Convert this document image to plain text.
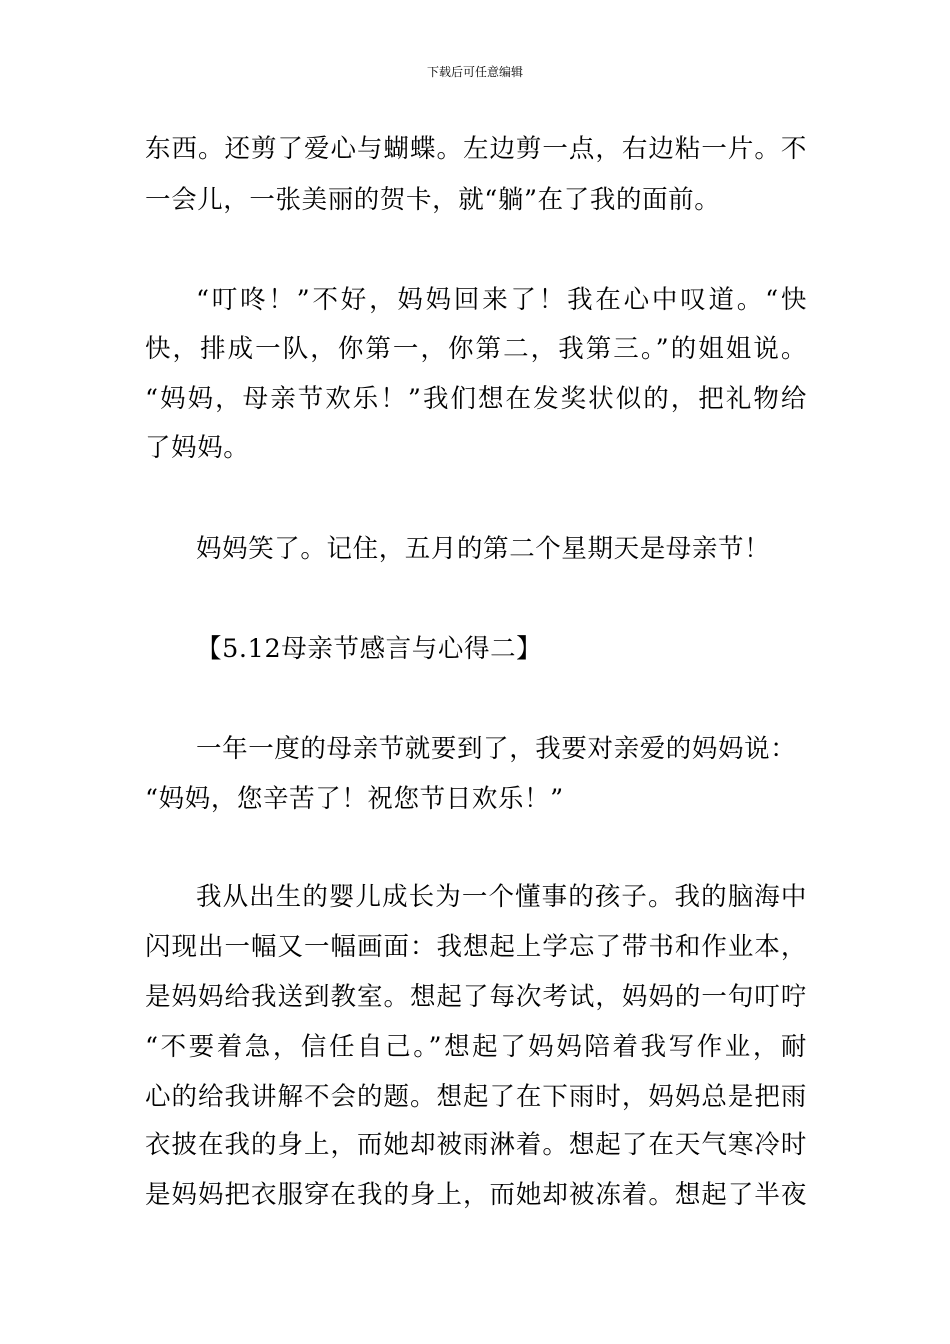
下载后可任意编辑
东西。还剪了爱心与蝴蝶。左边剪一点，右边粘一片。不
一会儿，一张美丽的贺卡，就“躺”在了我的面前。
“叮咚！”不好，妈妈回来了！我在心中叹道。“快
快，排成一队，你第一，你第二，我第三。”的姐姐说。
“妈妈，母亲节欢乐！”我们想在发奖状似的，把礼物给
了妈妈。
妈妈笑了。记住，五月的第二个星期天是母亲节！
【5.12母亲节感言与心得二】
一年一度的母亲节就要到了，我要对亲爱的妈妈说：
“妈妈，您辛苦了！祝您节日欢乐！”
我从出生的婴儿成长为一个懂事的孩子。我的脑海中
闪现出一幅又一幅画面：我想起上学忘了带书和作业本，
是妈妈给我送到教室。想起了每次考试，妈妈的一句叮咛
“不要着急，信任自己。”想起了妈妈陪着我写作业，耐
心的给我讲解不会的题。想起了在下雨时，妈妈总是把雨
衣披在我的身上，而她却被雨淋着。想起了在天气寒冷时
是妈妈把衣服穿在我的身上，而她却被冻着。想起了半夜
